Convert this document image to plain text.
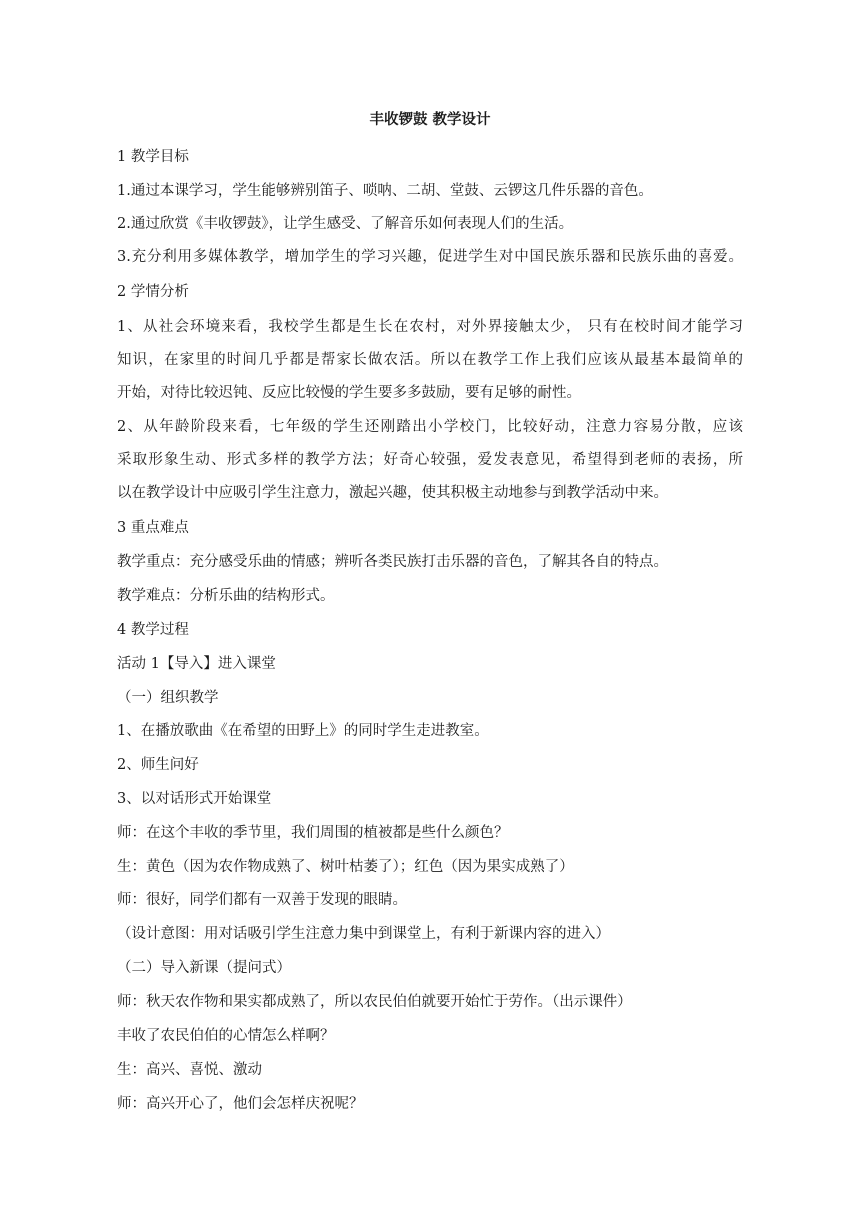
丰收锣鼓 教学设计
1 教学目标
1.通过本课学习，学生能够辨别笛子、唢呐、二胡、堂鼓、云锣这几件乐器的音色。
2.通过欣赏《丰收锣鼓》，让学生感受、了解音乐如何表现人们的生活。
3.充分利用多媒体教学，增加学生的学习兴趣，促进学生对中国民族乐器和民族乐曲的喜爱。
2 学情分析
1、从社会环境来看，我校学生都是生长在农村，对外界接触太少， 只有在校时间才能学习
知识，在家里的时间几乎都是帮家长做农活。所以在教学工作上我们应该从最基本最简单的
开始，对待比较迟钝、反应比较慢的学生要多多鼓励，要有足够的耐性。
2、从年龄阶段来看，七年级的学生还刚踏出小学校门，比较好动，注意力容易分散，应该
采取形象生动、形式多样的教学方法；好奇心较强，爱发表意见，希望得到老师的表扬，所
以在教学设计中应吸引学生注意力，激起兴趣，使其积极主动地参与到教学活动中来。
3 重点难点
教学重点：充分感受乐曲的情感；辨听各类民族打击乐器的音色，了解其各自的特点。
教学难点：分析乐曲的结构形式。
4 教学过程
活动 1【导入】进入课堂
（一）组织教学
1、在播放歌曲《在希望的田野上》的同时学生走进教室。
2、师生问好
3、以对话形式开始课堂
师：在这个丰收的季节里，我们周围的植被都是些什么颜色？
生：黄色（因为农作物成熟了、树叶枯萎了）；红色（因为果实成熟了）
师：很好，同学们都有一双善于发现的眼睛。
（设计意图：用对话吸引学生注意力集中到课堂上，有利于新课内容的进入）
（二）导入新课（提问式）
师：秋天农作物和果实都成熟了，所以农民伯伯就要开始忙于劳作。（出示课件）
丰收了农民伯伯的心情怎么样啊？
生：高兴、喜悦、激动
师：高兴开心了，他们会怎样庆祝呢？
